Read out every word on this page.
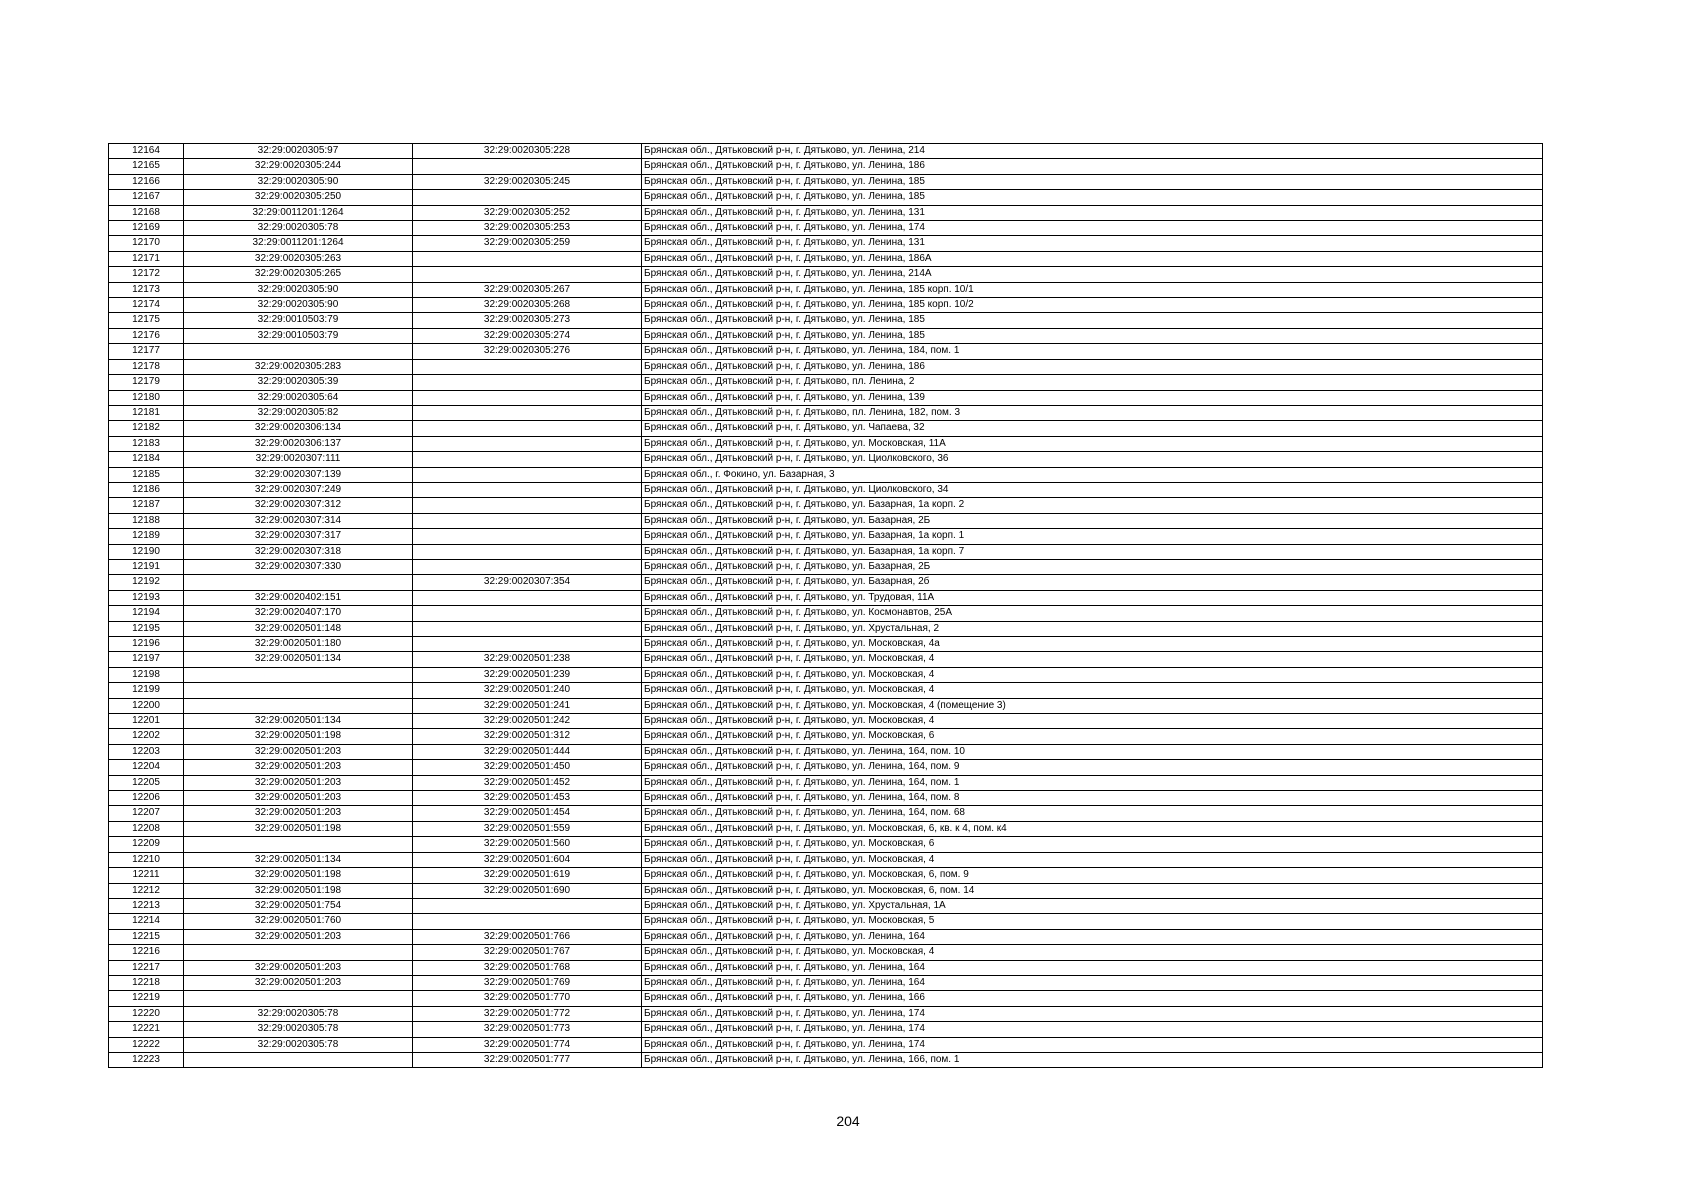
12164	32:29:0020305:97	32:29:0020305:228	Брянская обл., Дятьковский р-н, г. Дятьково, ул. Ленина, 214
12165	32:29:0020305:244		Брянская обл., Дятьковский р-н, г. Дятьково, ул. Ленина, 186
12166	32:29:0020305:90	32:29:0020305:245	Брянская обл., Дятьковский р-н, г. Дятьково, ул. Ленина, 185
12167	32:29:0020305:250		Брянская обл., Дятьковский р-н, г. Дятьково, ул. Ленина, 185
12168	32:29:0011201:1264	32:29:0020305:252	Брянская обл., Дятьковский р-н, г. Дятьково, ул. Ленина, 131
12169	32:29:0020305:78	32:29:0020305:253	Брянская обл., Дятьковский р-н, г. Дятьково, ул. Ленина, 174
12170	32:29:0011201:1264	32:29:0020305:259	Брянская обл., Дятьковский р-н, г. Дятьково, ул. Ленина, 131
12171	32:29:0020305:263		Брянская обл., Дятьковский р-н, г. Дятьково, ул. Ленина, 186А
12172	32:29:0020305:265		Брянская обл., Дятьковский р-н, г. Дятьково, ул. Ленина, 214А
12173	32:29:0020305:90	32:29:0020305:267	Брянская обл., Дятьковский р-н, г. Дятьково, ул. Ленина, 185 корп. 10/1
12174	32:29:0020305:90	32:29:0020305:268	Брянская обл., Дятьковский р-н, г. Дятьково, ул. Ленина, 185 корп. 10/2
12175	32:29:0010503:79	32:29:0020305:273	Брянская обл., Дятьковский р-н, г. Дятьково, ул. Ленина, 185
12176	32:29:0010503:79	32:29:0020305:274	Брянская обл., Дятьковский р-н, г. Дятьково, ул. Ленина, 185
12177		32:29:0020305:276	Брянская обл., Дятьковский р-н, г. Дятьково, ул. Ленина, 184, пом. 1
12178	32:29:0020305:283		Брянская обл., Дятьковский р-н, г. Дятьково, ул. Ленина, 186
12179	32:29:0020305:39		Брянская обл., Дятьковский р-н, г. Дятьково, пл. Ленина, 2
12180	32:29:0020305:64		Брянская обл., Дятьковский р-н, г. Дятьково, ул. Ленина, 139
12181	32:29:0020305:82		Брянская обл., Дятьковский р-н, г. Дятьково, пл. Ленина, 182, пом. 3
12182	32:29:0020306:134		Брянская обл., Дятьковский р-н, г. Дятьково, ул. Чапаева, 32
12183	32:29:0020306:137		Брянская обл., Дятьковский р-н, г. Дятьково, ул. Московская, 11А
12184	32:29:0020307:111		Брянская обл., Дятьковский р-н, г. Дятьково, ул. Циолковского, 36
12185	32:29:0020307:139		Брянская обл., г. Фокино, ул. Базарная, 3
12186	32:29:0020307:249		Брянская обл., Дятьковский р-н, г. Дятьково, ул. Циолковского, 34
12187	32:29:0020307:312		Брянская обл., Дятьковский р-н, г. Дятьково, ул. Базарная, 1а корп. 2
12188	32:29:0020307:314		Брянская обл., Дятьковский р-н, г. Дятьково, ул. Базарная, 2Б
12189	32:29:0020307:317		Брянская обл., Дятьковский р-н, г. Дятьково, ул. Базарная, 1а корп. 1
12190	32:29:0020307:318		Брянская обл., Дятьковский р-н, г. Дятьково, ул. Базарная, 1а корп. 7
12191	32:29:0020307:330		Брянская обл., Дятьковский р-н, г. Дятьково, ул. Базарная, 2Б
12192		32:29:0020307:354	Брянская обл., Дятьковский р-н, г. Дятьково, ул. Базарная, 2б
12193	32:29:0020402:151		Брянская обл., Дятьковский р-н, г. Дятьково, ул. Трудовая, 11А
12194	32:29:0020407:170		Брянская обл., Дятьковский р-н, г. Дятьково, ул. Космонавтов, 25А
12195	32:29:0020501:148		Брянская обл., Дятьковский р-н, г. Дятьково, ул. Хрустальная, 2
12196	32:29:0020501:180		Брянская обл., Дятьковский р-н, г. Дятьково, ул. Московская, 4а
12197	32:29:0020501:134	32:29:0020501:238	Брянская обл., Дятьковский р-н, г. Дятьково, ул. Московская, 4
12198		32:29:0020501:239	Брянская обл., Дятьковский р-н, г. Дятьково, ул. Московская, 4
12199		32:29:0020501:240	Брянская обл., Дятьковский р-н, г. Дятьково, ул. Московская, 4
12200		32:29:0020501:241	Брянская обл., Дятьковский р-н, г. Дятьково, ул. Московская, 4 (помещение 3)
12201	32:29:0020501:134	32:29:0020501:242	Брянская обл., Дятьковский р-н, г. Дятьково, ул. Московская, 4
12202	32:29:0020501:198	32:29:0020501:312	Брянская обл., Дятьковский р-н, г. Дятьково, ул. Московская, 6
12203	32:29:0020501:203	32:29:0020501:444	Брянская обл., Дятьковский р-н, г. Дятьково, ул. Ленина, 164, пом. 10
12204	32:29:0020501:203	32:29:0020501:450	Брянская обл., Дятьковский р-н, г. Дятьково, ул. Ленина, 164, пом. 9
12205	32:29:0020501:203	32:29:0020501:452	Брянская обл., Дятьковский р-н, г. Дятьково, ул. Ленина, 164, пом. 1
12206	32:29:0020501:203	32:29:0020501:453	Брянская обл., Дятьковский р-н, г. Дятьково, ул. Ленина, 164, пом. 8
12207	32:29:0020501:203	32:29:0020501:454	Брянская обл., Дятьковский р-н, г. Дятьково, ул. Ленина, 164, пом. 68
12208	32:29:0020501:198	32:29:0020501:559	Брянская обл., Дятьковский р-н, г. Дятьково, ул. Московская, 6, кв. к 4, пом. к4
12209		32:29:0020501:560	Брянская обл., Дятьковский р-н, г. Дятьково, ул. Московская, 6
12210	32:29:0020501:134	32:29:0020501:604	Брянская обл., Дятьковский р-н, г. Дятьково, ул. Московская, 4
12211	32:29:0020501:198	32:29:0020501:619	Брянская обл., Дятьковский р-н, г. Дятьково, ул. Московская, 6, пом. 9
12212	32:29:0020501:198	32:29:0020501:690	Брянская обл., Дятьковский р-н, г. Дятьково, ул. Московская, 6, пом. 14
12213	32:29:0020501:754		Брянская обл., Дятьковский р-н, г. Дятьково, ул. Хрустальная, 1А
12214	32:29:0020501:760		Брянская обл., Дятьковский р-н, г. Дятьково, ул. Московская, 5
12215	32:29:0020501:203	32:29:0020501:766	Брянская обл., Дятьковский р-н, г. Дятьково, ул. Ленина, 164
12216		32:29:0020501:767	Брянская обл., Дятьковский р-н, г. Дятьково, ул. Московская, 4
12217	32:29:0020501:203	32:29:0020501:768	Брянская обл., Дятьковский р-н, г. Дятьково, ул. Ленина, 164
12218	32:29:0020501:203	32:29:0020501:769	Брянская обл., Дятьковский р-н, г. Дятьково, ул. Ленина, 164
12219		32:29:0020501:770	Брянская обл., Дятьковский р-н, г. Дятьково, ул. Ленина, 166
12220	32:29:0020305:78	32:29:0020501:772	Брянская обл., Дятьковский р-н, г. Дятьково, ул. Ленина, 174
12221	32:29:0020305:78	32:29:0020501:773	Брянская обл., Дятьковский р-н, г. Дятьково, ул. Ленина, 174
12222	32:29:0020305:78	32:29:0020501:774	Брянская обл., Дятьковский р-н, г. Дятьково, ул. Ленина, 174
12223		32:29:0020501:777	Брянская обл., Дятьковский р-н, г. Дятьково, ул. Ленина, 166, пом. 1
204
